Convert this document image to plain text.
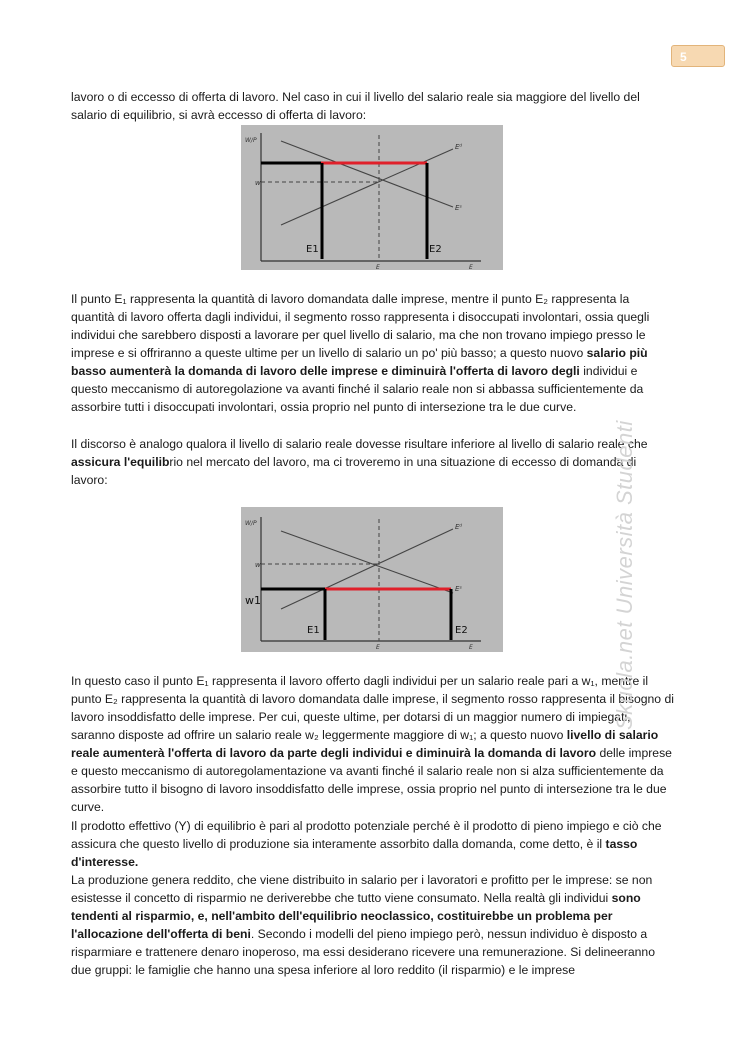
5

lavoro o di eccesso di offerta di lavoro. Nel caso in cui il livello del salario reale sia maggiore del livello del salario di equilibrio, si avrà eccesso di offerta di lavoro:

W/P
w
Eᵈ
Eˢ
E1	E2
E	E

Il punto E₁ rappresenta la quantità di lavoro domandata dalle imprese, mentre il punto E₂ rappresenta la quantità di lavoro offerta dagli individui, il segmento rosso rappresenta i disoccupati involontari, ossia quegli individui che sarebbero disposti a lavorare per quel livello di salario, ma che non trovano impiego presso le imprese e si offriranno a queste ultime per un livello di salario un po' più basso; a questo nuovo salario più basso aumenterà la domanda di lavoro delle imprese e diminuirà l'offerta di lavoro degli individui e questo meccanismo di autoregolazione va avanti finché il salario reale non si abbassa sufficientemente da assorbire tutti i disoccupati involontari, ossia proprio nel punto di intersezione tra le due curve.

Il discorso è analogo qualora il livello di salario reale dovesse risultare inferiore al livello di salario reale che assicura l'equilibrio nel mercato del lavoro, ma ci troveremo in una situazione di eccesso di domanda di lavoro:

W/P
w
w1
Eᵈ
Eˢ
E1	E2
E	E

In questo caso il punto E₁ rappresenta il lavoro offerto dagli individui per un salario reale pari a w₁, mentre il punto E₂ rappresenta la quantità di lavoro domandata dalle imprese, il segmento rosso rappresenta il bisogno di lavoro insoddisfatto delle imprese. Per cui, queste ultime, per dotarsi di un maggior numero di impiegati, saranno disposte ad offrire un salario reale w₂ leggermente maggiore di w₁; a questo nuovo livello di salario reale aumenterà l'offerta di lavoro da parte degli individui e diminuirà la domanda di lavoro delle imprese e questo meccanismo di autoregolamentazione va avanti finché il salario reale non si alza sufficientemente da assorbire tutto il bisogno di lavoro insoddisfatto delle imprese, ossia proprio nel punto di intersezione tra le due curve.

Il prodotto effettivo (Y) di equilibrio è pari al prodotto potenziale perché è il prodotto di pieno impiego e ciò che assicura che questo livello di produzione sia interamente assorbito dalla domanda, come detto, è il tasso d'interesse.

La produzione genera reddito, che viene distribuito in salario per i lavoratori e profitto per le imprese: se non esistesse il concetto di risparmio ne deriverebbe che tutto viene consumato. Nella realtà gli individui sono tendenti al risparmio, e, nell'ambito dell'equilibrio neoclassico, costituirebbe un problema per l'allocazione dell'offerta di beni. Secondo i modelli del pieno impiego però, nessun individuo è disposto a risparmiare e trattenere denaro inoperoso, ma essi desiderano ricevere una remunerazione. Si delineeranno due gruppi: le famiglie che hanno una spesa inferiore al loro reddito (il risparmio) e le imprese

Skuola.net Università Studenti
